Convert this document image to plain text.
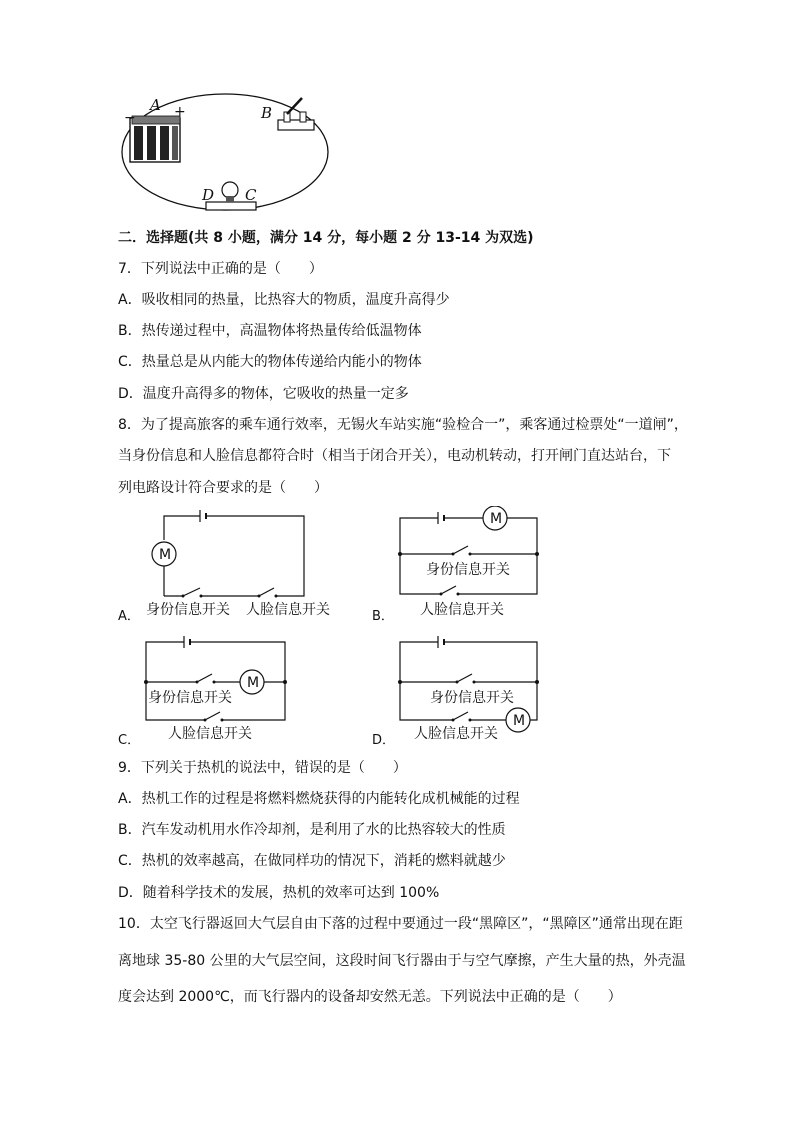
A +
−	B
D C
二．选择题(共 8 小题，满分 14 分，每小题 2 分 13-14 为双选)
7．下列说法中正确的是（　　）
A．吸收相同的热量，比热容大的物质，温度升高得少
B．热传递过程中，高温物体将热量传给低温物体
C．热量总是从内能大的物体传递给内能小的物体
D．温度升高得多的物体，它吸收的热量一定多
8．为了提高旅客的乘车通行效率，无锡火车站实施“验检合一”，乘客通过检票处“一道闸”，
当身份信息和人脸信息都符合时（相当于闭合开关），电动机转动，打开闸门直达站台，下
列电路设计符合要求的是（　　）
A．
M
身份信息开关 人脸信息开关	B．
M
身份信息开关
人脸信息开关
C．
M
身份信息开关
人脸信息开关	D．
身份信息开关
M
人脸信息开关
9．下列关于热机的说法中，错误的是（　　）
A．热机工作的过程是将燃料燃烧获得的内能转化成机械能的过程
B．汽车发动机用水作冷却剂，是利用了水的比热容较大的性质
C．热机的效率越高，在做同样功的情况下，消耗的燃料就越少
D．随着科学技术的发展，热机的效率可达到 100%
10．太空飞行器返回大气层自由下落的过程中要通过一段“黑障区”，“黑障区”通常出现在距
离地球 35-80 公里的大气层空间，这段时间飞行器由于与空气摩擦，产生大量的热，外壳温
度会达到 2000℃，而飞行器内的设备却安然无恙。下列说法中正确的是（　　）
